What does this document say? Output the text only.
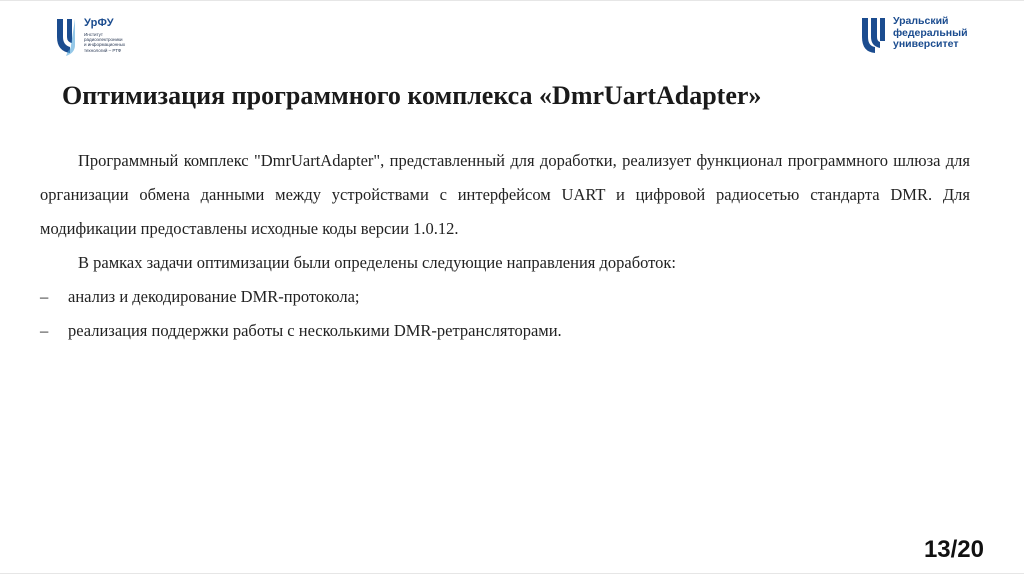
УрФУ
Институт
радиоэлектроники
и информационных
технологий – РТФ
Уральский
федеральный
университет
Оптимизация программного комплекса «DmrUartAdapter»

Программный комплекс "DmrUartAdapter", представленный для доработки, реализует функционал программного шлюза для организации обмена данными между устройствами с интерфейсом UART и цифровой радиосетью стандарта DMR. Для модификации предоставлены исходные коды версии 1.0.12.

В рамках задачи оптимизации были определены следующие направления доработок:

– анализ и декодирование DMR-протокола;
– реализация поддержки работы с несколькими DMR-ретрансляторами.
13/20
